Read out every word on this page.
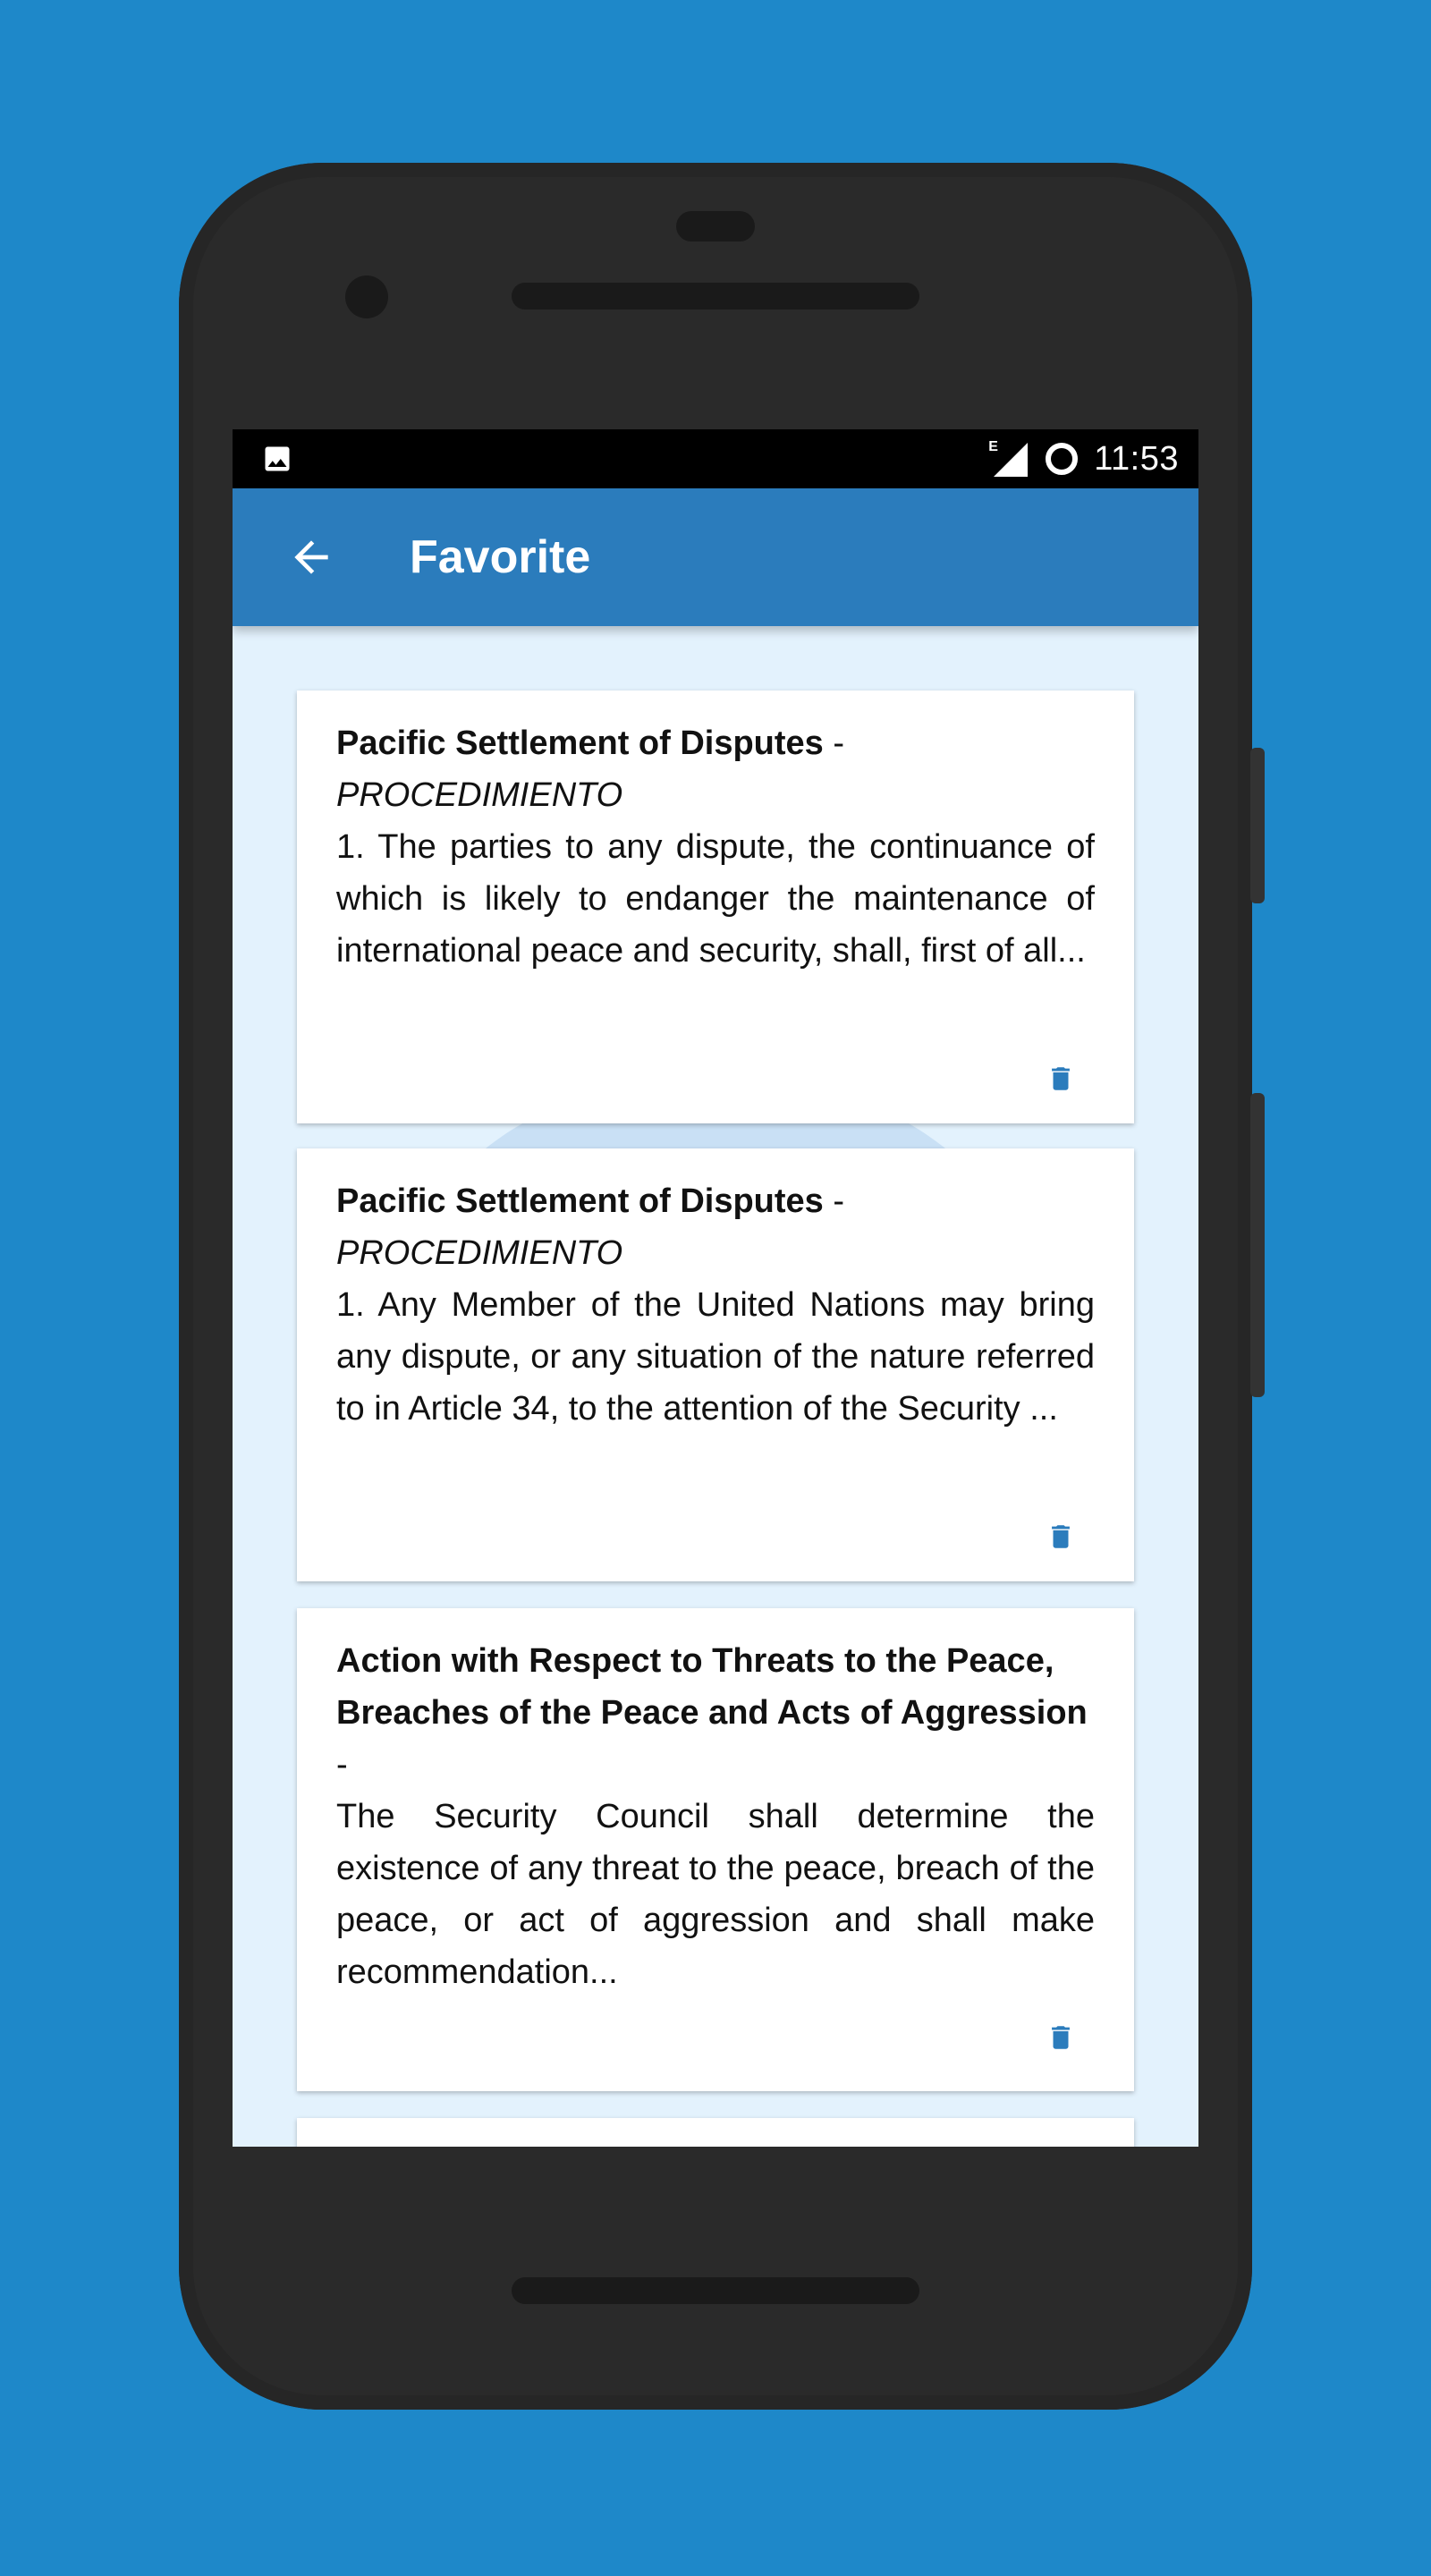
E	11:53
Favorite
Pacific Settlement of Disputes -
PROCEDIMIENTO
1. The parties to any dispute, the continuance of which is likely to endanger the maintenance of international peace and security, shall, first of all...
Pacific Settlement of Disputes -
PROCEDIMIENTO
1. Any Member of the United Nations may bring any dispute, or any situation of the nature referred to in Article 34, to the attention of the Security ...
Action with Respect to Threats to the Peace, Breaches of the Peace and Acts of Aggression -
The Security Council shall determine the existence of any threat to the peace, breach of the peace, or act of aggression and shall make recommendation...
